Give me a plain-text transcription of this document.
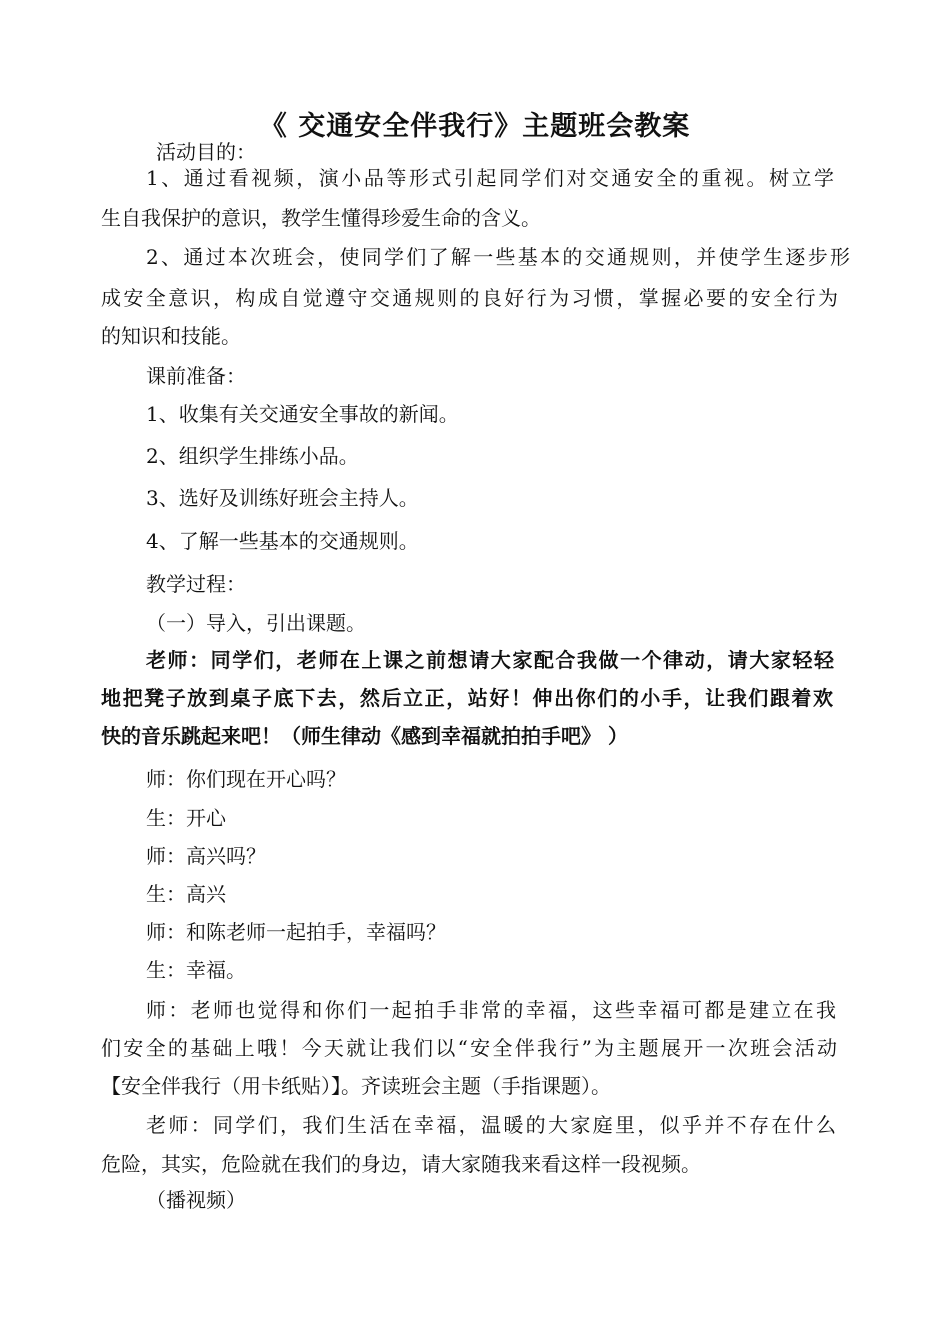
《 交通安全伴我行》主题班会教案
活动目的：
1、通过看视频，演小品等形式引起同学们对交通安全的重视。树立学
生自我保护的意识，教学生懂得珍爱生命的含义。
2、通过本次班会，使同学们了解一些基本的交通规则，并使学生逐步形
成安全意识，构成自觉遵守交通规则的良好行为习惯，掌握必要的安全行为
的知识和技能。
课前准备：
1、收集有关交通安全事故的新闻。
2、组织学生排练小品。
3、选好及训练好班会主持人。
4、了解一些基本的交通规则。
教学过程：
（一）导入，引出课题。
老师：同学们，老师在上课之前想请大家配合我做一个律动，请大家轻轻
地把凳子放到桌子底下去，然后立正，站好！伸出你们的小手，让我们跟着欢
快的音乐跳起来吧！（师生律动《感到幸福就拍拍手吧》 ）
师：你们现在开心吗？
生：开心
师：高兴吗？
生：高兴
师：和陈老师一起拍手，幸福吗？
生：幸福。
师：老师也觉得和你们一起拍手非常的幸福，这些幸福可都是建立在我
们安全的基础上哦！今天就让我们以“安全伴我行”为主题展开一次班会活动
【安全伴我行（用卡纸贴）】。齐读班会主题（手指课题）。
老师：同学们，我们生活在幸福，温暖的大家庭里，似乎并不存在什么
危险，其实，危险就在我们的身边，请大家随我来看这样一段视频。
（播视频）
